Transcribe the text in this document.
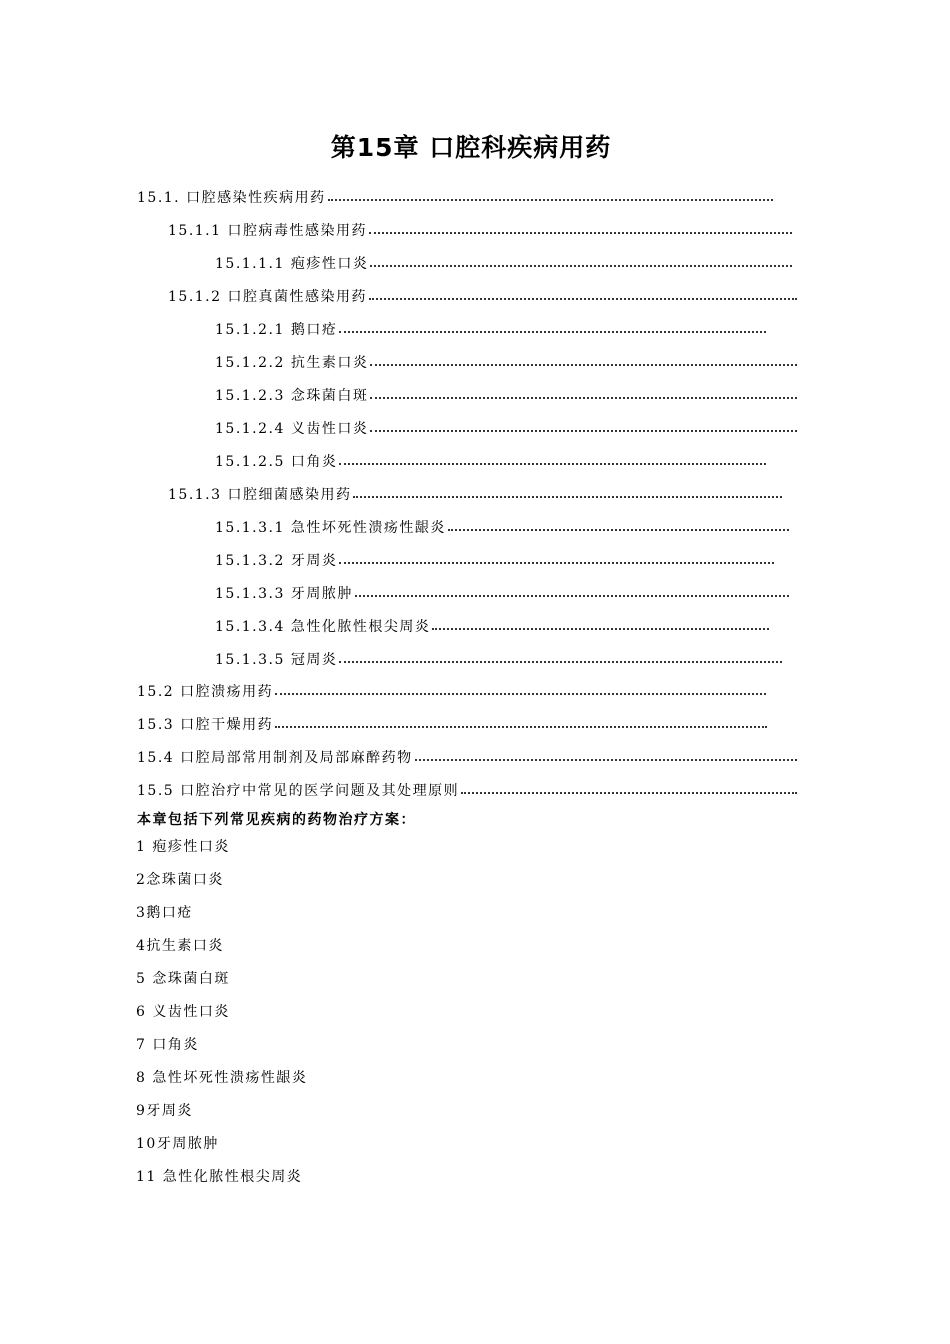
第15章 口腔科疾病用药
15.1. 口腔感染性疾病用药
15.1.1 口腔病毒性感染用药
15.1.1.1 疱疹性口炎
15.1.2 口腔真菌性感染用药
15.1.2.1 鹅口疮
15.1.2.2 抗生素口炎
15.1.2.3 念珠菌白斑
15.1.2.4 义齿性口炎
15.1.2.5 口角炎
15.1.3 口腔细菌感染用药
15.1.3.1 急性坏死性溃疡性龈炎
15.1.3.2 牙周炎
15.1.3.3 牙周脓肿
15.1.3.4 急性化脓性根尖周炎
15.1.3.5 冠周炎
15.2 口腔溃疡用药
15.3 口腔干燥用药
15.4 口腔局部常用制剂及局部麻醉药物
15.5 口腔治疗中常见的医学问题及其处理原则
本章包括下列常见疾病的药物治疗方案：
1 疱疹性口炎
2念珠菌口炎
3鹅口疮
4抗生素口炎
5 念珠菌白斑
6 义齿性口炎
7 口角炎
8 急性坏死性溃疡性龈炎
9牙周炎
10牙周脓肿
11 急性化脓性根尖周炎
